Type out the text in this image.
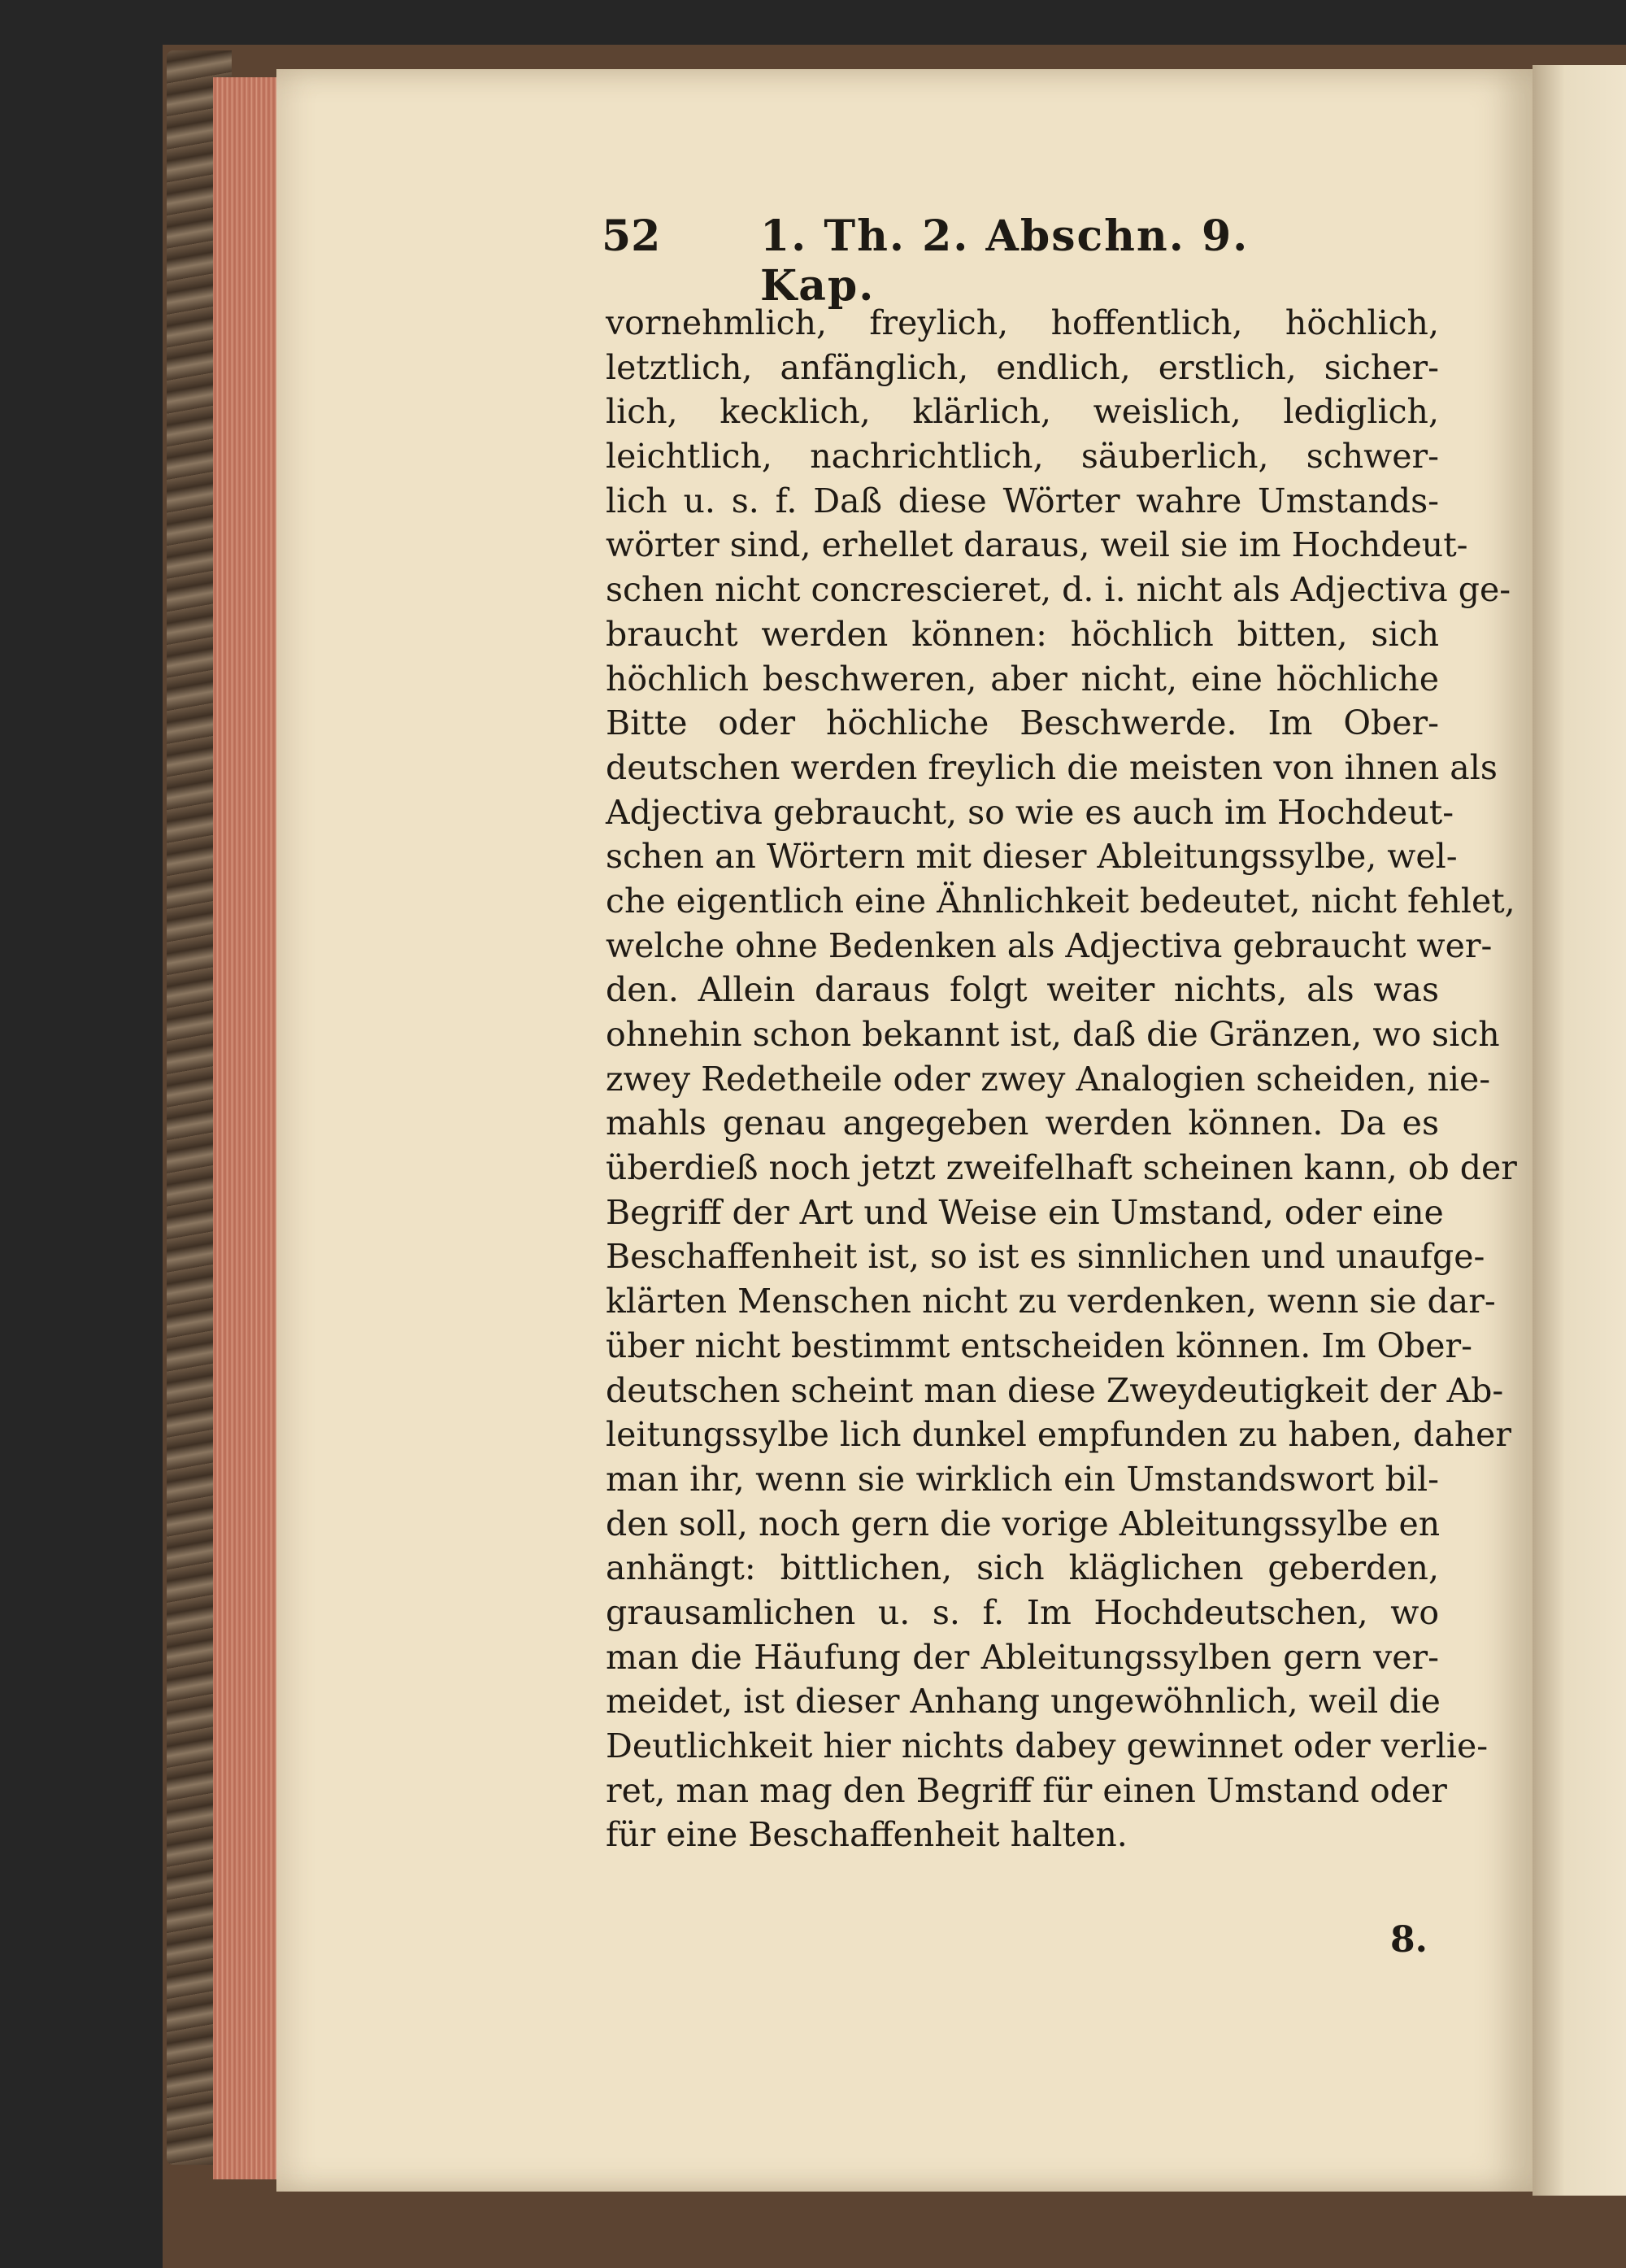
52 1. Th. 2. Abschn. 9. Kap.
vornehmlich, freylich, hoffentlich, höchlich,
letztlich, anfänglich, endlich, erstlich, sicher-
lich, kecklich, klärlich, weislich, lediglich,
leichtlich, nachrichtlich, säuberlich, schwer-
lich u. s. f. Daß diese Wörter wahre Umstands-
wörter sind, erhellet daraus, weil sie im Hochdeut-
schen nicht concrescieret, d. i. nicht als Adjectiva ge-
braucht werden können: höchlich bitten, sich
höchlich beschweren, aber nicht, eine höchliche
Bitte oder höchliche Beschwerde. Im Ober-
deutschen werden freylich die meisten von ihnen als
Adjectiva gebraucht, so wie es auch im Hochdeut-
schen an Wörtern mit dieser Ableitungssylbe, wel-
che eigentlich eine Ähnlichkeit bedeutet, nicht fehlet,
welche ohne Bedenken als Adjectiva gebraucht wer-
den. Allein daraus folgt weiter nichts, als was
ohnehin schon bekannt ist, daß die Gränzen, wo sich
zwey Redetheile oder zwey Analogien scheiden, nie-
mahls genau angegeben werden können. Da es
überdieß noch jetzt zweifelhaft scheinen kann, ob der
Begriff der Art und Weise ein Umstand, oder eine
Beschaffenheit ist, so ist es sinnlichen und unaufge-
klärten Menschen nicht zu verdenken, wenn sie dar-
über nicht bestimmt entscheiden können. Im Ober-
deutschen scheint man diese Zweydeutigkeit der Ab-
leitungssylbe lich dunkel empfunden zu haben, daher
man ihr, wenn sie wirklich ein Umstandswort bil-
den soll, noch gern die vorige Ableitungssylbe en
anhängt: bittlichen, sich kläglichen geberden,
grausamlichen u. s. f. Im Hochdeutschen, wo
man die Häufung der Ableitungssylben gern ver-
meidet, ist dieser Anhang ungewöhnlich, weil die
Deutlichkeit hier nichts dabey gewinnet oder verlie-
ret, man mag den Begriff für einen Umstand oder
für eine Beschaffenheit halten.
8.
